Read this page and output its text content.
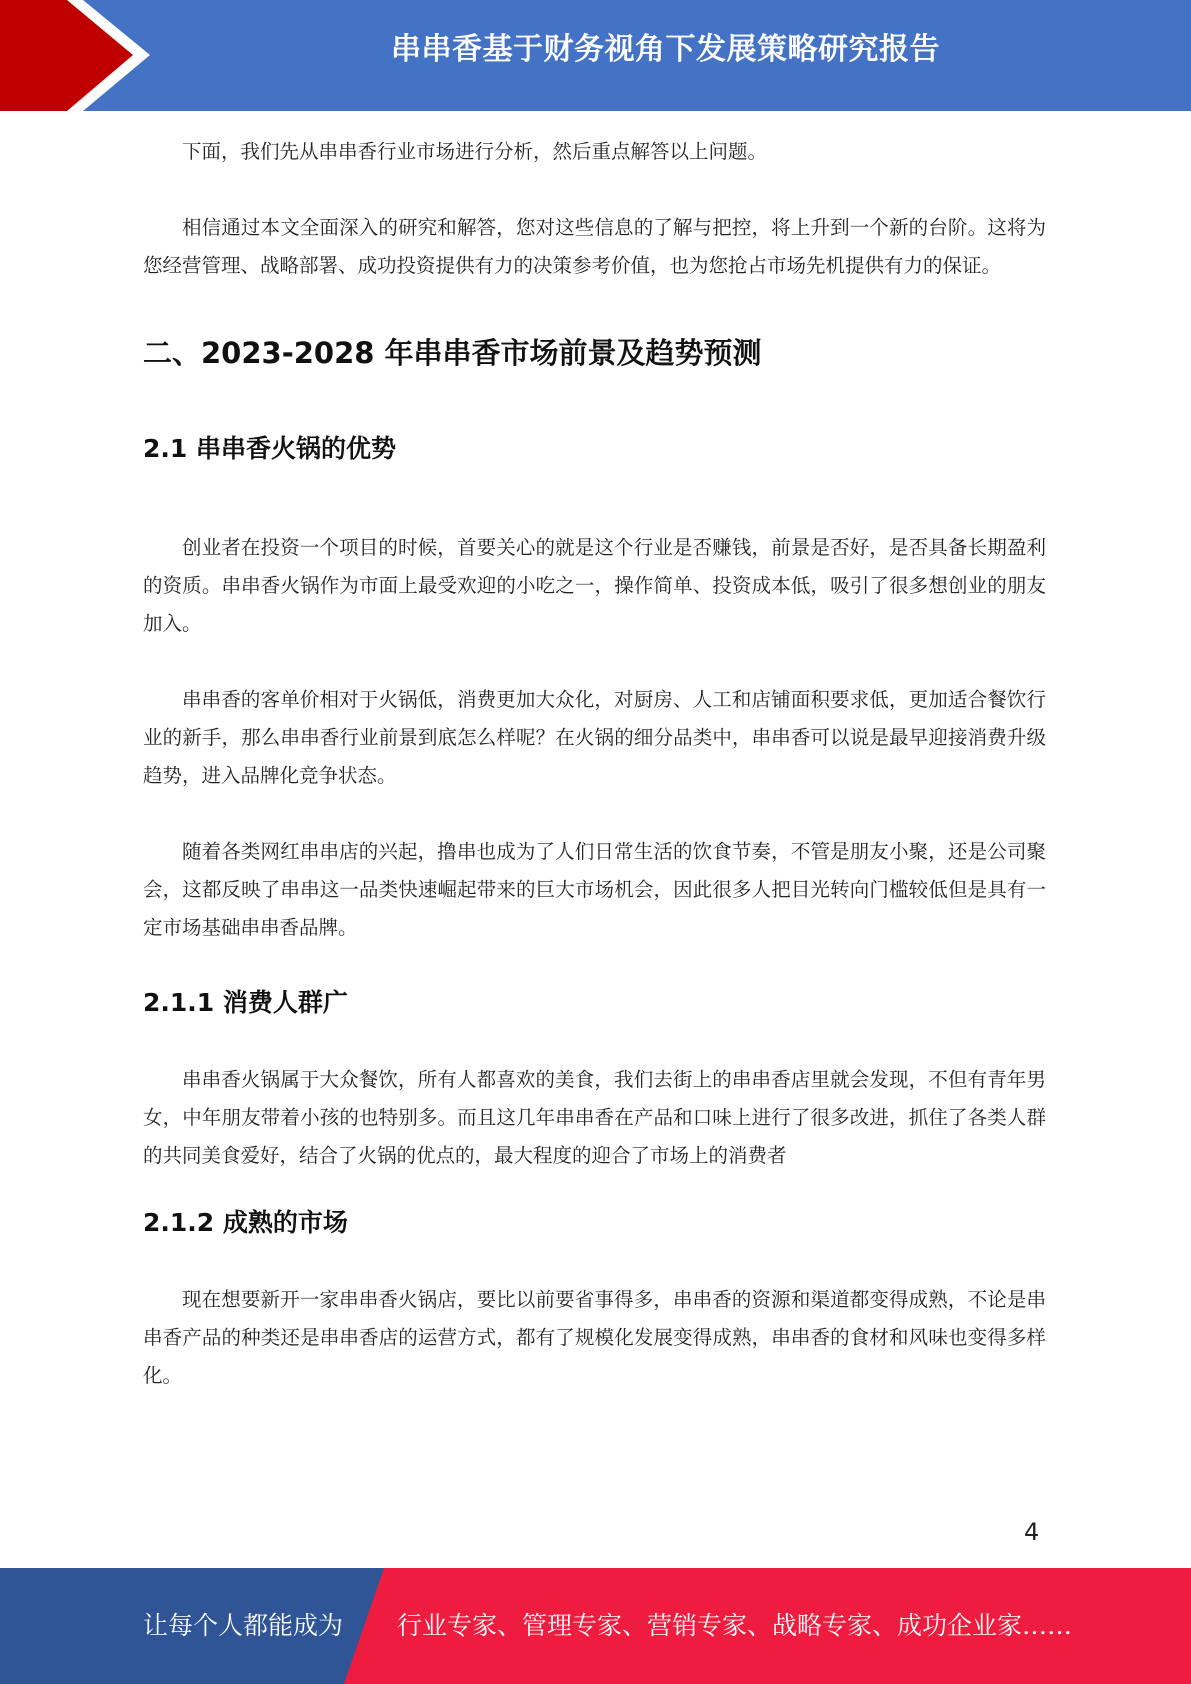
串串香基于财务视角下发展策略研究报告

下面，我们先从串串香行业市场进行分析，然后重点解答以上问题。

相信通过本文全面深入的研究和解答，您对这些信息的了解与把控，将上升到一个新的台阶。这将为您经营管理、战略部署、成功投资提供有力的决策参考价值，也为您抢占市场先机提供有力的保证。

二、2023-2028 年串串香市场前景及趋势预测
2.1 串串香火锅的优势

创业者在投资一个项目的时候，首要关心的就是这个行业是否赚钱，前景是否好，是否具备长期盈利的资质。串串香火锅作为市面上最受欢迎的小吃之一，操作简单、投资成本低，吸引了很多想创业的朋友加入。

串串香的客单价相对于火锅低，消费更加大众化，对厨房、人工和店铺面积要求低，更加适合餐饮行业的新手，那么串串香行业前景到底怎么样呢？在火锅的细分品类中，串串香可以说是最早迎接消费升级趋势，进入品牌化竞争状态。

随着各类网红串串店的兴起，撸串也成为了人们日常生活的饮食节奏，不管是朋友小聚，还是公司聚会，这都反映了串串这一品类快速崛起带来的巨大市场机会，因此很多人把目光转向门槛较低但是具有一定市场基础串串香品牌。

2.1.1 消费人群广

串串香火锅属于大众餐饮，所有人都喜欢的美食，我们去街上的串串香店里就会发现，不但有青年男女，中年朋友带着小孩的也特别多。而且这几年串串香在产品和口味上进行了很多改进，抓住了各类人群的共同美食爱好，结合了火锅的优点的，最大程度的迎合了市场上的消费者

2.1.2 成熟的市场

现在想要新开一家串串香火锅店，要比以前要省事得多，串串香的资源和渠道都变得成熟，不论是串串香产品的种类还是串串香店的运营方式，都有了规模化发展变得成熟，串串香的食材和风味也变得多样化。

4
让每个人都能成为 行业专家、管理专家、营销专家、战略专家、成功企业家……
